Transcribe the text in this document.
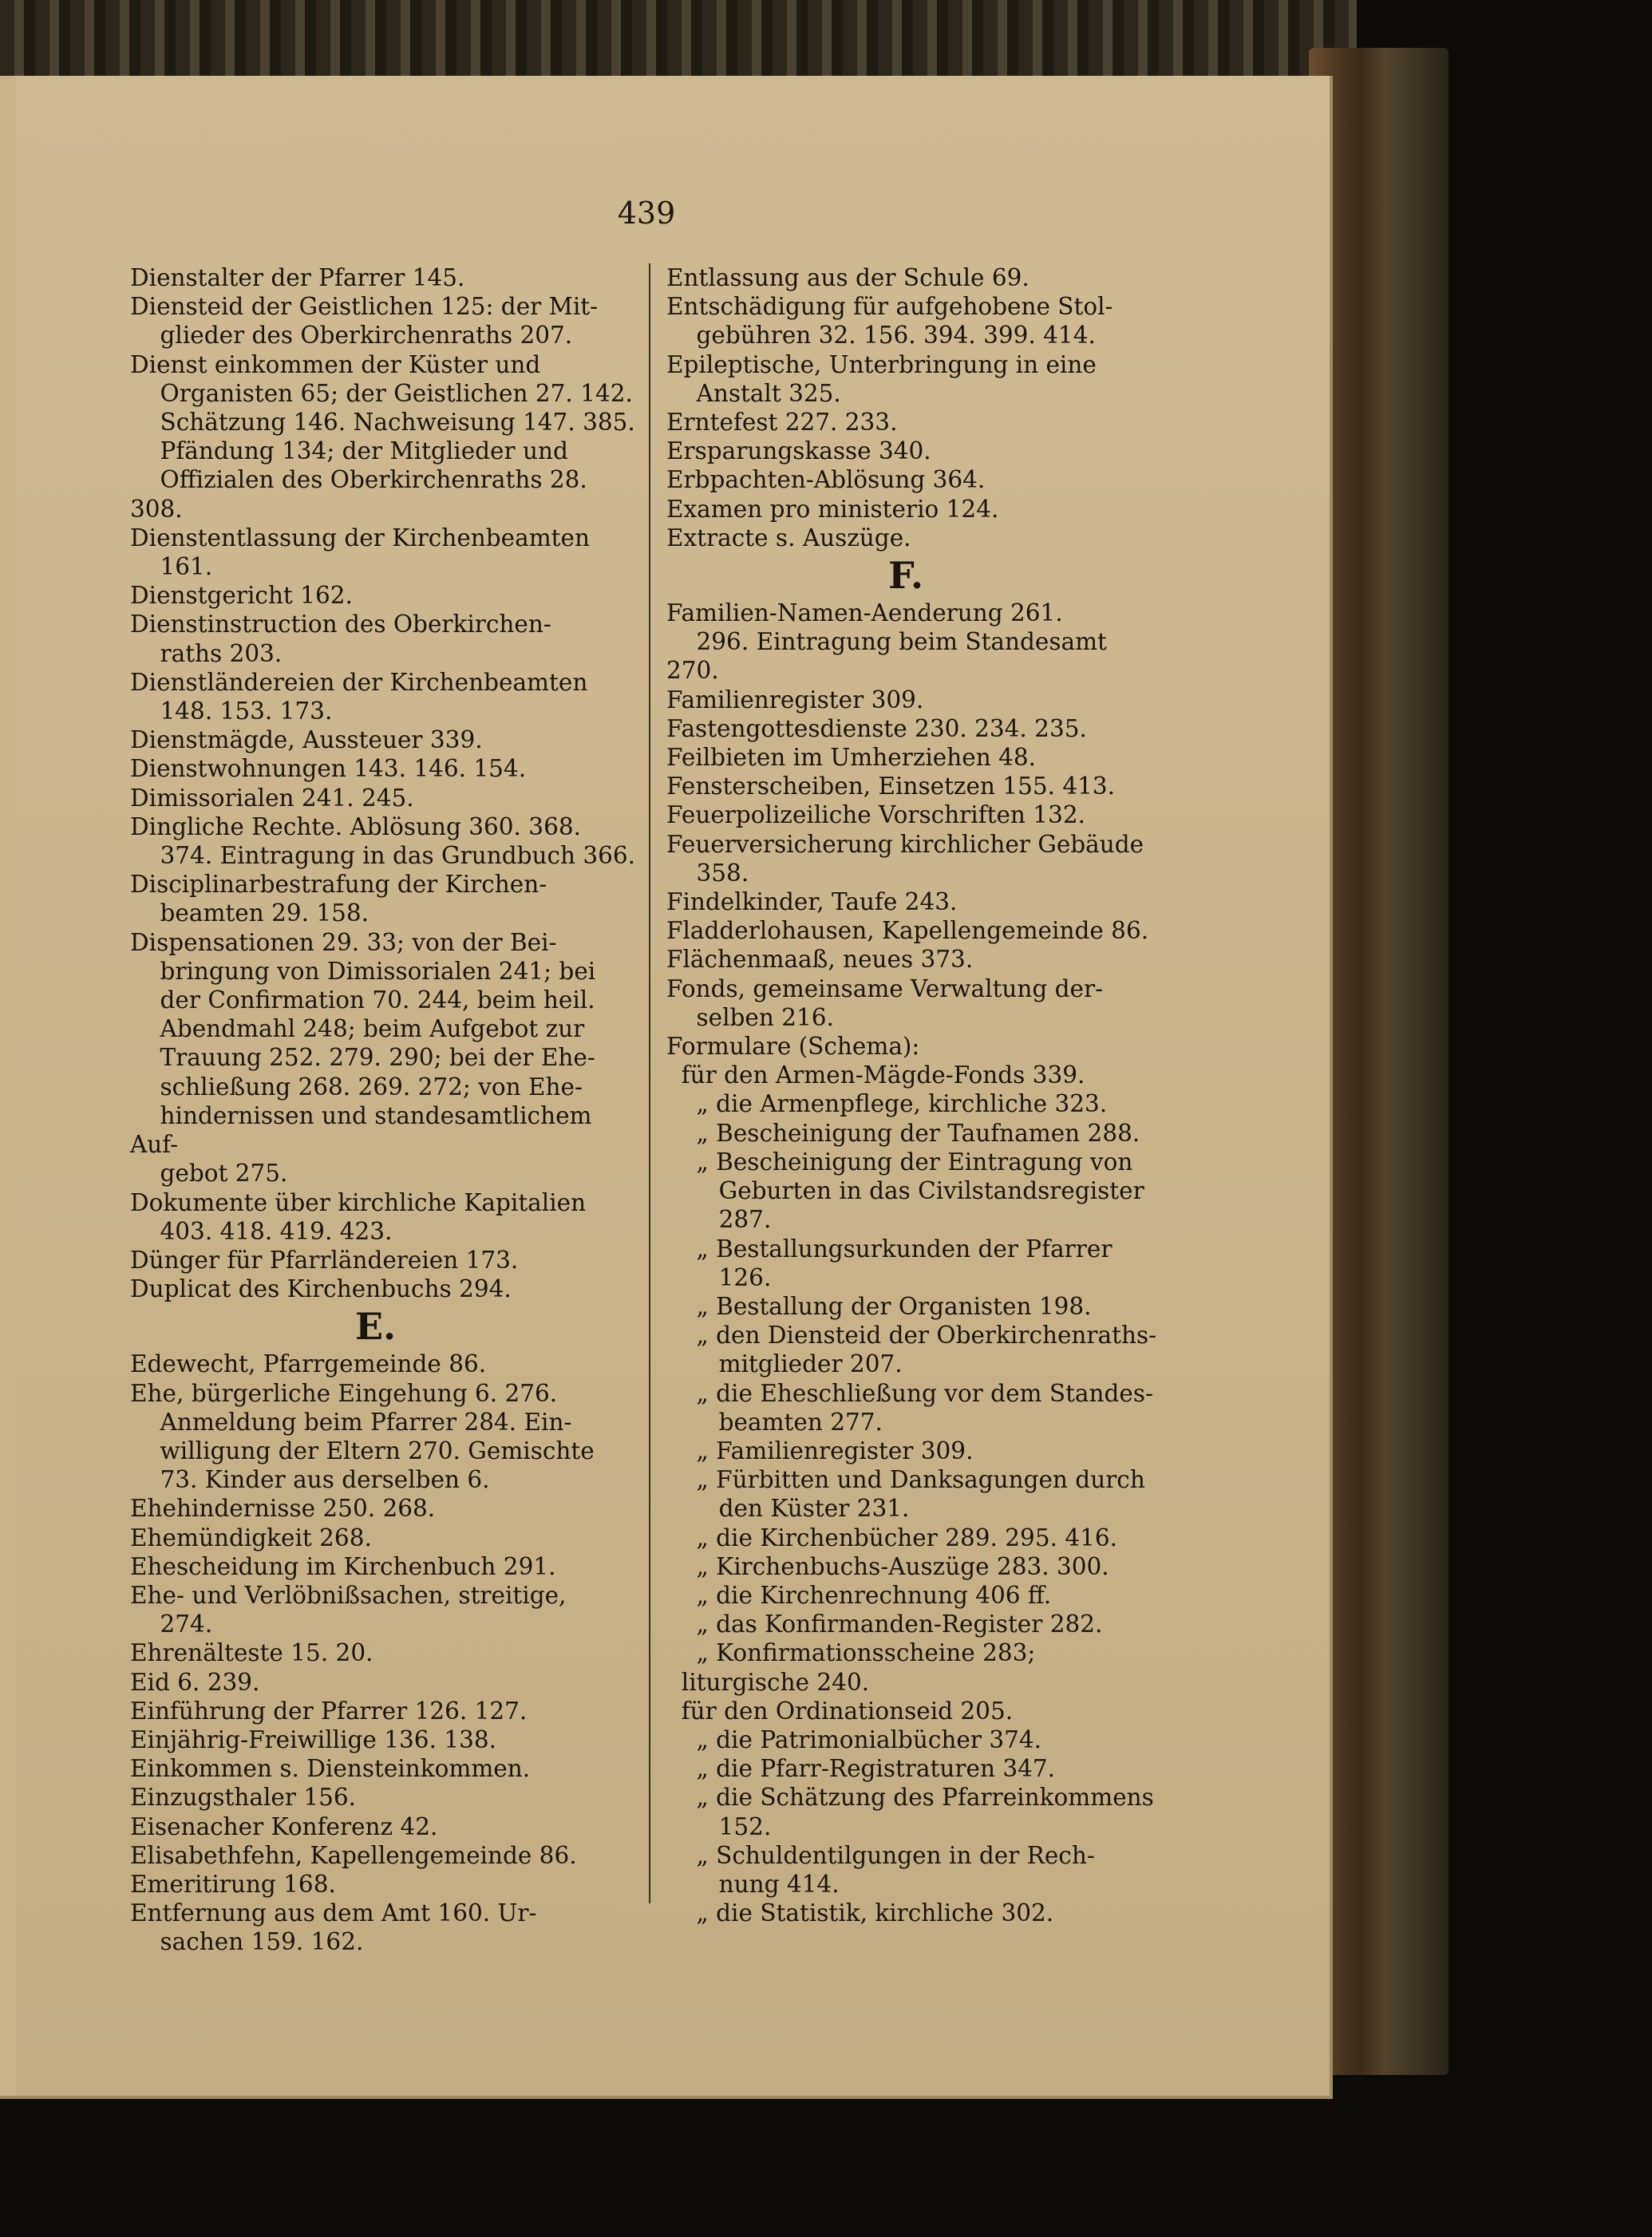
439

Dienstalter der Pfarrer 145.

Diensteid der Geistlichen 125: der Mit-

glieder des Oberkirchenraths 207.

Dienst einkommen der Küster und

Organisten 65; der Geistlichen 27. 142.

Schätzung 146. Nachweisung 147. 385.

Pfändung 134; der Mitglieder und

Offizialen des Oberkirchenraths 28. 308.

Dienstentlassung der Kirchenbeamten

161.

Dienstgericht 162.

Dienstinstruction des Oberkirchen-

raths 203.

Dienstländereien der Kirchenbeamten

148. 153. 173.

Dienstmägde, Aussteuer 339.

Dienstwohnungen 143. 146. 154.

Dimissorialen 241. 245.

Dingliche Rechte. Ablösung 360. 368.

374. Eintragung in das Grundbuch 366.

Disciplinarbestrafung der Kirchen-

beamten 29. 158.

Dispensationen 29. 33; von der Bei-

bringung von Dimissorialen 241; bei

der Confirmation 70. 244, beim heil.

Abendmahl 248; beim Aufgebot zur

Trauung 252. 279. 290; bei der Ehe-

schließung 268. 269. 272; von Ehe-

hindernissen und standesamtlichem Auf-

gebot 275.

Dokumente über kirchliche Kapitalien

403. 418. 419. 423.

Dünger für Pfarrländereien 173.

Duplicat des Kirchenbuchs 294.

E.

Edewecht, Pfarrgemeinde 86.

Ehe, bürgerliche Eingehung 6. 276.

Anmeldung beim Pfarrer 284. Ein-

willigung der Eltern 270. Gemischte

73. Kinder aus derselben 6.

Ehehindernisse 250. 268.

Ehemündigkeit 268.

Ehescheidung im Kirchenbuch 291.

Ehe- und Verlöbnißsachen, streitige,

274.

Ehrenälteste 15. 20.

Eid 6. 239.

Einführung der Pfarrer 126. 127.

Einjährig-Freiwillige 136. 138.

Einkommen s. Diensteinkommen.

Einzugsthaler 156.

Eisenacher Konferenz 42.

Elisabethfehn, Kapellengemeinde 86.

Emeritirung 168.

Entfernung aus dem Amt 160. Ur-

sachen 159. 162.

Entlassung aus der Schule 69.

Entschädigung für aufgehobene Stol-

gebühren 32. 156. 394. 399. 414.

Epileptische, Unterbringung in eine

Anstalt 325.

Erntefest 227. 233.

Ersparungskasse 340.

Erbpachten-Ablösung 364.

Examen pro ministerio 124.

Extracte s. Auszüge.

F.

Familien-Namen-Aenderung 261.

296. Eintragung beim Standesamt 270.

Familienregister 309.

Fastengottesdienste 230. 234. 235.

Feilbieten im Umherziehen 48.

Fensterscheiben, Einsetzen 155. 413.

Feuerpolizeiliche Vorschriften 132.

Feuerversicherung kirchlicher Gebäude

358.

Findelkinder, Taufe 243.

Fladderlohausen, Kapellengemeinde 86.

Flächenmaaß, neues 373.

Fonds, gemeinsame Verwaltung der-

selben 216.

Formulare (Schema):

für den Armen-Mägde-Fonds 339.

„ die Armenpflege, kirchliche 323.

„ Bescheinigung der Taufnamen 288.

„ Bescheinigung der Eintragung von

Geburten in das Civilstandsregister

287.

„ Bestallungsurkunden der Pfarrer

126.

„ Bestallung der Organisten 198.

„ den Diensteid der Oberkirchenraths-

mitglieder 207.

„ die Eheschließung vor dem Standes-

beamten 277.

„ Familienregister 309.

„ Fürbitten und Danksagungen durch

den Küster 231.

„ die Kirchenbücher 289. 295. 416.

„ Kirchenbuchs-Auszüge 283. 300.

„ die Kirchenrechnung 406 ff.

„ das Konfirmanden-Register 282.

„ Konfirmationsscheine 283;

liturgische 240.

für den Ordinationseid 205.

„ die Patrimonialbücher 374.

„ die Pfarr-Registraturen 347.

„ die Schätzung des Pfarreinkommens

152.

„ Schuldentilgungen in der Rech-

nung 414.

„ die Statistik, kirchliche 302.
